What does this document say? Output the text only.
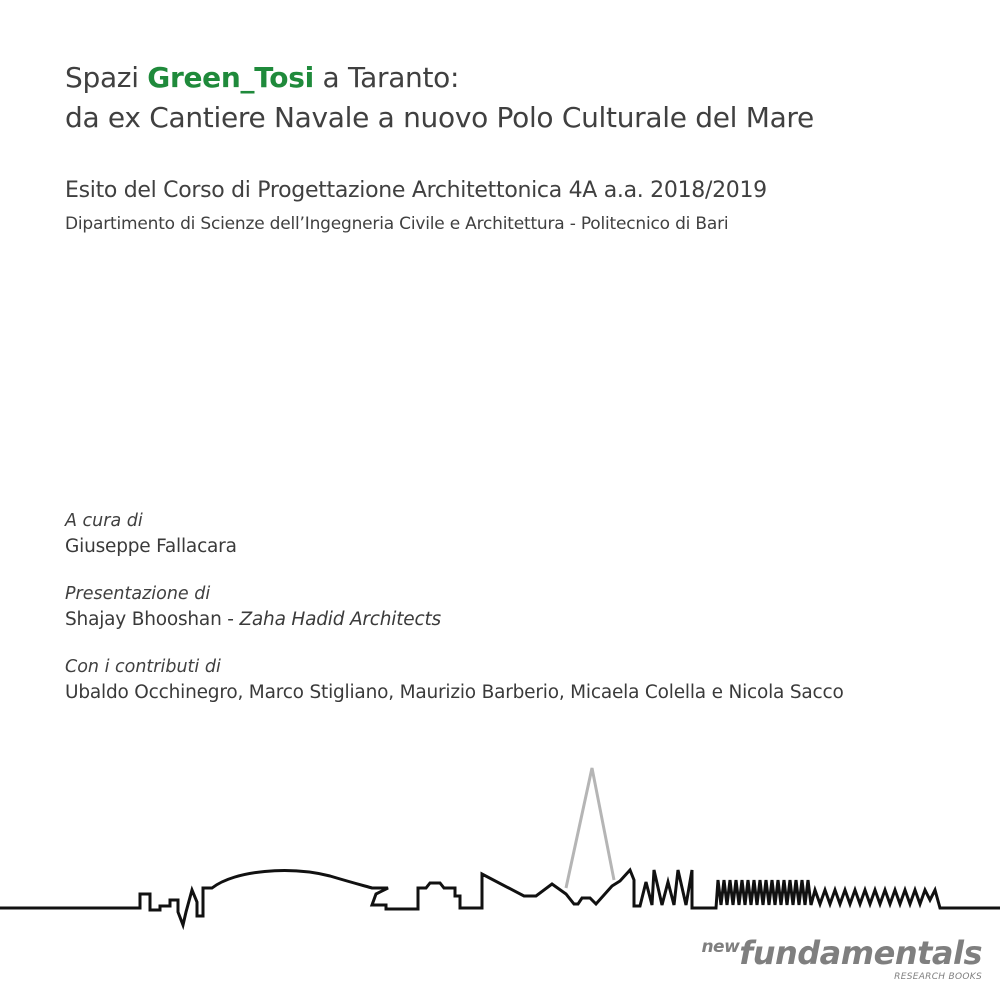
Spazi Green_Tosi a Taranto:
da ex Cantiere Navale a nuovo Polo Culturale del Mare
Esito del Corso di Progettazione Architettonica 4A a.a. 2018/2019
Dipartimento di Scienze dell’Ingegneria Civile e Architettura - Politecnico di Bari
A cura di
Giuseppe Fallacara
Presentazione di
Shajay Bhooshan - Zaha Hadid Architects
Con i contributi di
Ubaldo Occhinegro, Marco Stigliano, Maurizio Barberio, Micaela Colella e Nicola Sacco
newfundamentals
RESEARCH BOOKS
